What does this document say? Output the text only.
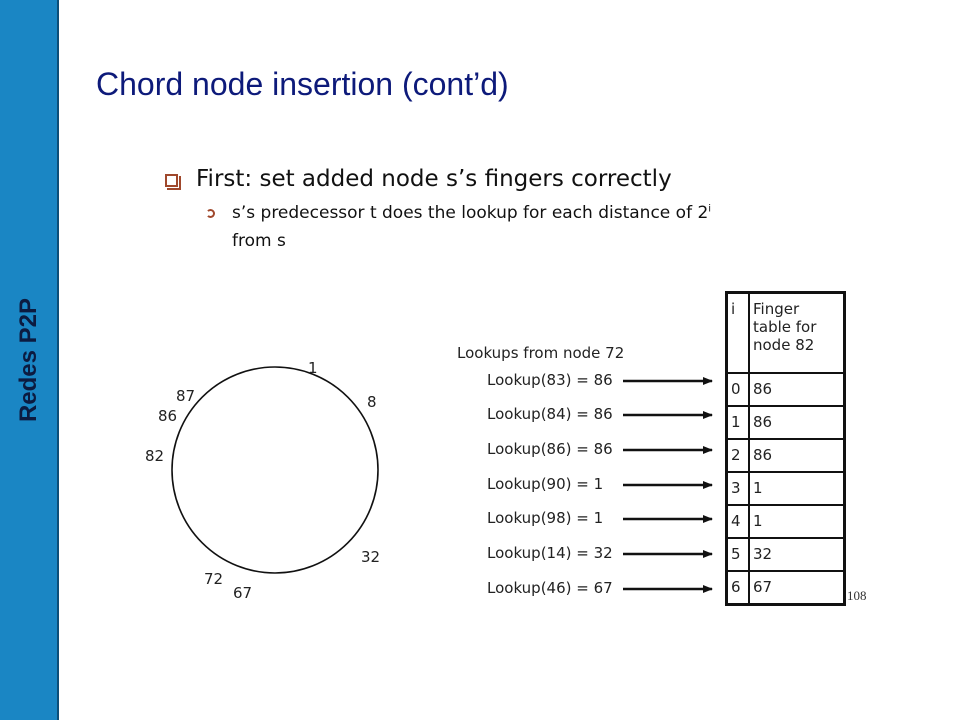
Redes P2P
Chord node insertion (cont’d)
First: set added node s’s fingers correctly
s’s predecessor t does the lookup for each distance of 2$^i$
from s
1
8
32
67
72
82
86
87
Lookups from node 72
Lookup(83) = 86
Lookup(84) = 86
Lookup(86) = 86
Lookup(90) = 1
Lookup(98) = 1
Lookup(14) = 32
Lookup(46) = 67
i	Finger table for node 82
0	86
1	86
2	86
3	1
4	1
5	32
6	67	108
